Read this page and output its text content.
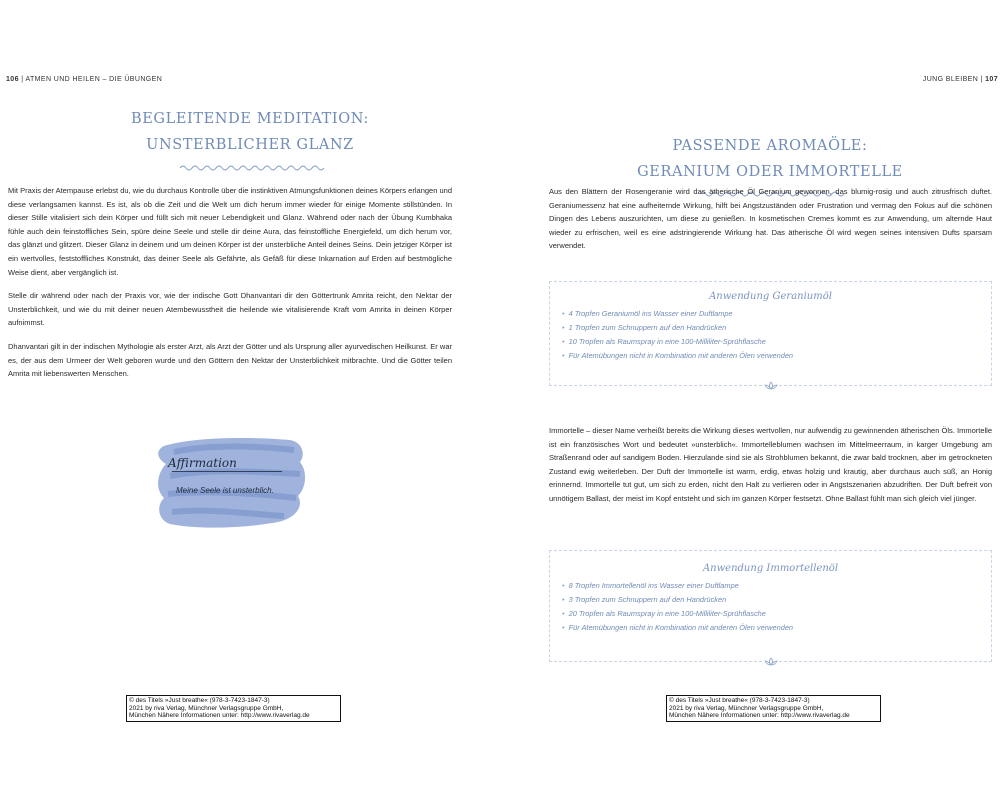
106 | ATMEN UND HEILEN – DIE ÜBUNGEN
BEGLEITENDE MEDITATION:
UNSTERBLICHER GLANZ

Mit Praxis der Atempause erlebst du, wie du durchaus Kontrolle über die instinktiven Atmungsfunktionen deines Körpers erlangen und diese verlangsamen kannst. Es ist, als ob die Zeit und die Welt um dich herum immer wieder für einige Momente stillstünden. In dieser Stille vitalisiert sich dein Körper und füllt sich mit neuer Lebendigkeit und Glanz. Während oder nach der Übung Kumbhaka fühle auch dein feinstoffliches Sein, spüre deine Seele und stelle dir deine Aura, das feinstoffliche Energiefeld, um dich herum vor, das glänzt und glitzert. Dieser Glanz in deinem und um deinen Körper ist der unsterbliche Anteil deines Seins. Dein jetziger Körper ist ein wertvolles, feststoffliches Konstrukt, das deiner Seele als Gefährte, als Gefäß für diese Inkarnation auf Erden auf bestmögliche Weise dient, aber vergänglich ist.

Stelle dir während oder nach der Praxis vor, wie der indische Gott Dhanvantari dir den Göttertrunk Amrita reicht, den Nektar der Unsterblichkeit, und wie du mit deiner neuen Atembewusstheit die heilende wie vitalisierende Kraft vom Amrita in deinen Körper aufnimmst.

Dhanvantari gilt in der indischen Mythologie als erster Arzt, als Arzt der Götter und als Ursprung aller ayurvedischen Heilkunst. Er war es, der aus dem Urmeer der Welt geboren wurde und den Göttern den Nektar der Unsterblichkeit mitbrachte. Und die Götter teilen Amrita mit liebenswerten Menschen.

Affirmation
Meine Seele ist unsterblich.
© des Titels »Just breathe« (978-3-7423-1847-3)
2021 by riva Verlag, Münchner Verlagsgruppe GmbH,
München Nähere Informationen unter: http://www.rivaverlag.de
JUNG BLEIBEN | 107
PASSENDE AROMAÖLE:
GERANIUM ODER IMMORTELLE

Aus den Blättern der Rosengeranie wird das ätherische Öl Geranium gewonnen, das blumig-rosig und auch zitrusfrisch duftet. Geraniumessenz hat eine aufheiternde Wirkung, hilft bei Angstzuständen oder Frustration und vermag den Fokus auf die schönen Dingen des Lebens auszurichten, um diese zu genießen. In kosmetischen Cremes kommt es zur Anwendung, um alternde Haut wieder zu erfrischen, weil es eine adstringierende Wirkung hat. Das ätherische Öl wird wegen seines intensiven Dufts sparsam verwendet.

Anwendung Geraniumöl
• 4 Tropfen Geraniumöl ins Wasser einer Duftlampe
• 1 Tropfen zum Schnuppern auf den Handrücken
• 10 Tropfen als Raumspray in eine 100-Milliliter-Sprühflasche
• Für Atemübungen nicht in Kombination mit anderen Ölen verwenden

Immortelle – dieser Name verheißt bereits die Wirkung dieses wertvollen, nur aufwendig zu gewinnenden ätherischen Öls. Immortelle ist ein französisches Wort und bedeutet »unsterblich«. Immortelleblumen wachsen im Mittelmeerraum, in karger Umgebung am Straßenrand oder auf sandigem Boden. Hierzulande sind sie als Strohblumen bekannt, die zwar bald trocknen, aber im getrockneten Zustand ewig weiterleben. Der Duft der Immortelle ist warm, erdig, etwas holzig und krautig, aber durchaus auch süß, an Honig erinnernd. Immortelle tut gut, um sich zu erden, nicht den Halt zu verlieren oder in Angstszenarien abzudriften. Der Duft befreit von unnötigem Ballast, der meist im Kopf entsteht und sich im ganzen Körper festsetzt. Ohne Ballast fühlt man sich gleich viel jünger.

Anwendung Immortellenöl
• 8 Tropfen Immortellenöl ins Wasser einer Duftlampe
• 3 Tropfen zum Schnuppern auf den Handrücken
• 20 Tropfen als Raumspray in eine 100-Milliliter-Sprühflasche
• Für Atemübungen nicht in Kombination mit anderen Ölen verwenden
© des Titels »Just breathe« (978-3-7423-1847-3)
2021 by riva Verlag, Münchner Verlagsgruppe GmbH,
München Nähere Informationen unter: http://www.rivaverlag.de
